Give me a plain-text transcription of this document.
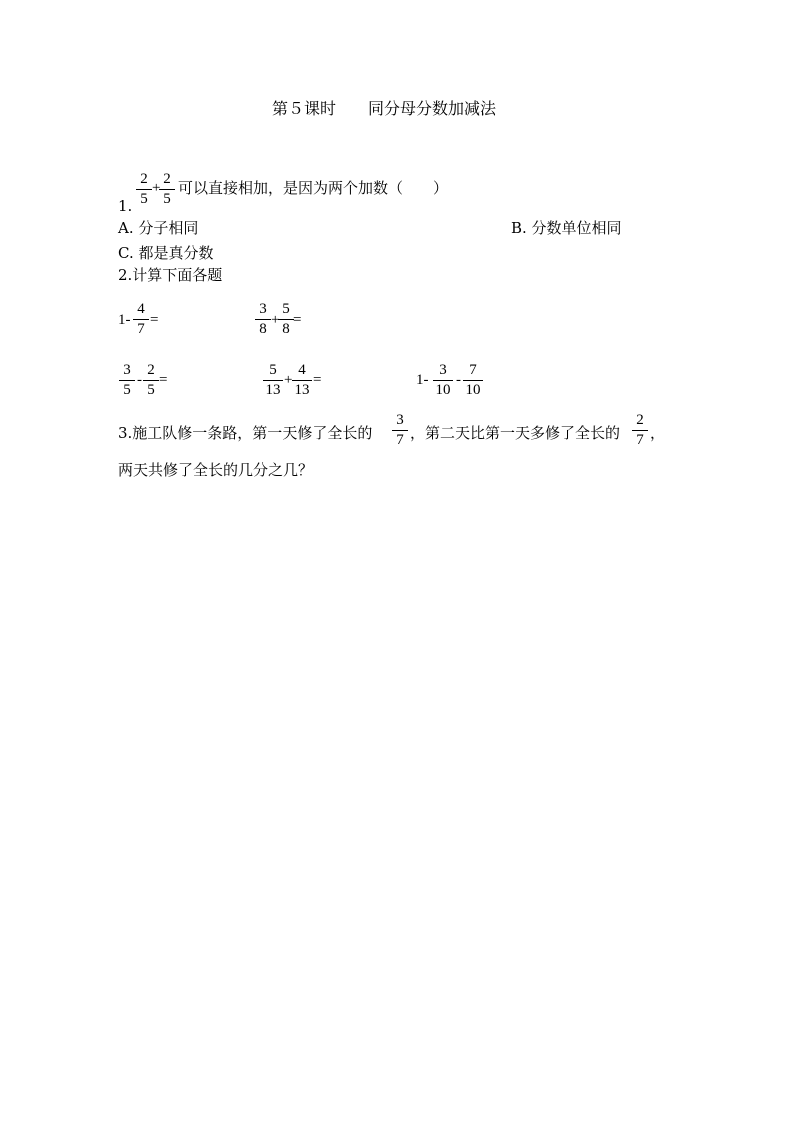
第５课时　　同分母分数加减法
2
5
+
2
5
可以直接相加，是因为两个加数（　　）
1.
A. 分子相同	B. 分数单位相同
C. 都是真分数
2.计算下面各题
1-
4
7
=
3
8
+
5
8
=
3
5
-
2
5
=
5
13
+
4
13
=	1-
3
10
-
7
10
3.施工队修一条路，第一天修了全长的
3
7 ，第二天比第一天多修了全长的
2
7 ，
两天共修了全长的几分之几？
